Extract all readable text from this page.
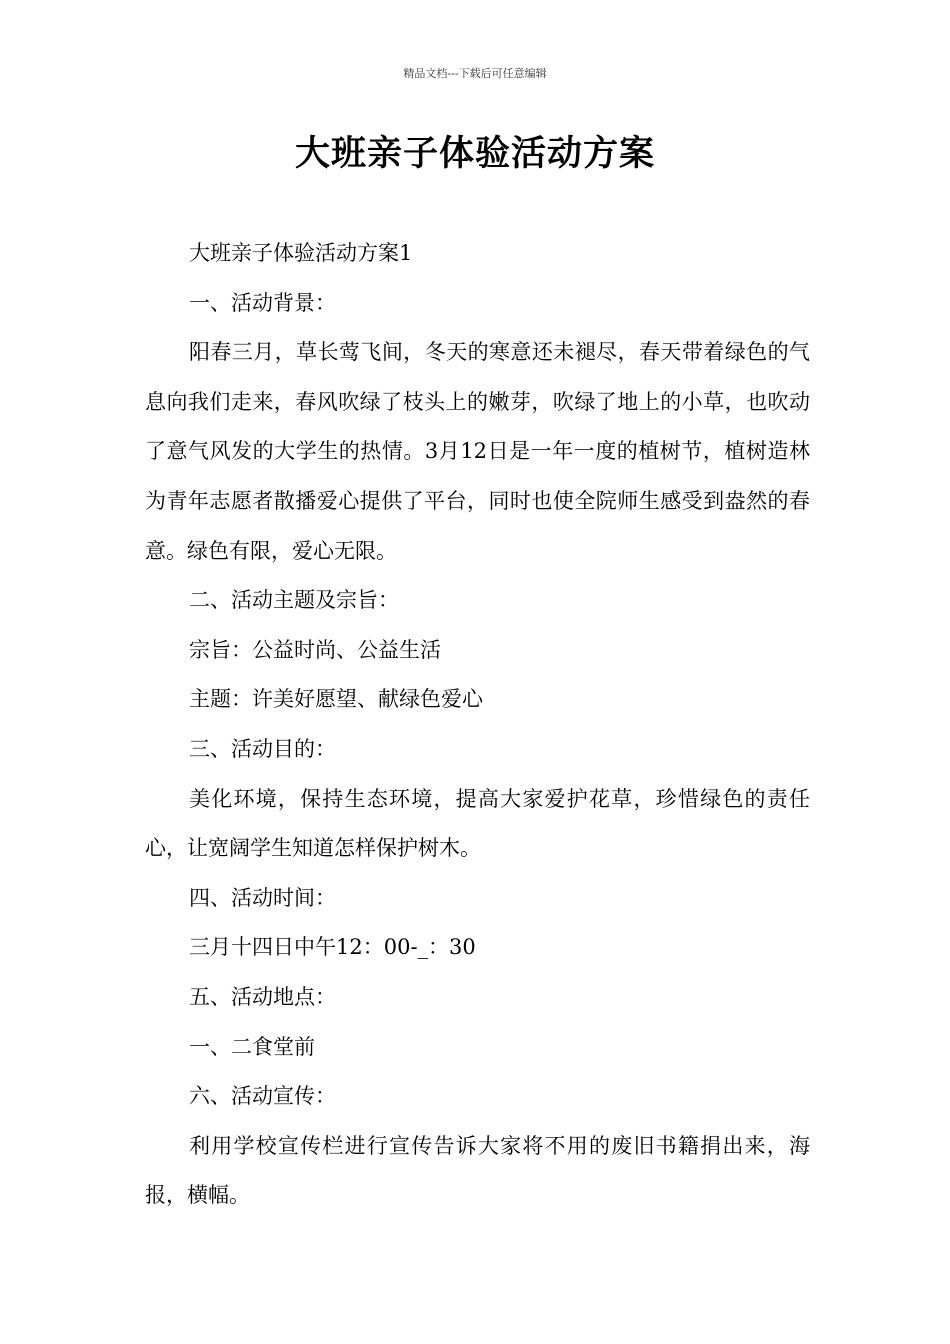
精品文档---下载后可任意编辑
大班亲子体验活动方案

大班亲子体验活动方案1

一、活动背景：

阳春三月，草长莺飞间，冬天的寒意还未褪尽，春天带着绿色的气息向我们走来，春风吹绿了枝头上的嫩芽，吹绿了地上的小草，也吹动了意气风发的大学生的热情。3月12日是一年一度的植树节，植树造林为青年志愿者散播爱心提供了平台，同时也使全院师生感受到盎然的春意。绿色有限，爱心无限。

二、活动主题及宗旨：

宗旨：公益时尚、公益生活

主题：许美好愿望、献绿色爱心

三、活动目的：

美化环境，保持生态环境，提高大家爱护花草，珍惜绿色的责任心，让宽阔学生知道怎样保护树木。

四、活动时间：

三月十四日中午12：00-_：30

五、活动地点：

一、二食堂前

六、活动宣传：

利用学校宣传栏进行宣传告诉大家将不用的废旧书籍捐出来，海报，横幅。
